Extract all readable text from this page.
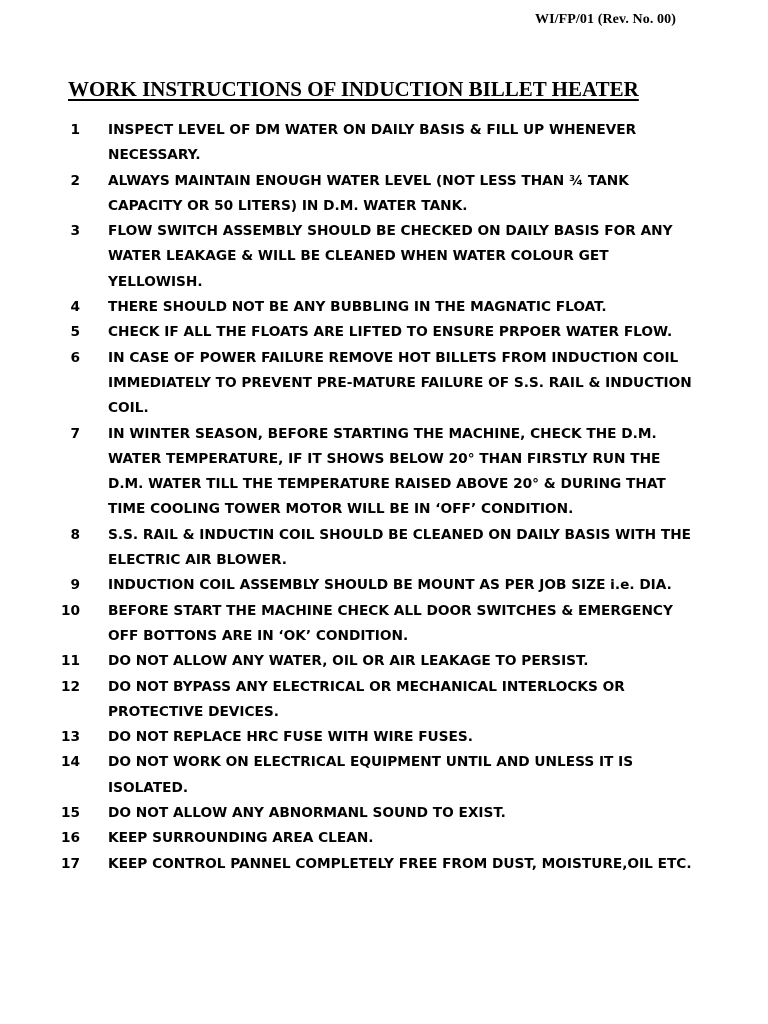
WI/FP/01 (Rev. No. 00)
WORK INSTRUCTIONS OF INDUCTION BILLET HEATER
1	INSPECT LEVEL OF DM WATER ON DAILY BASIS & FILL UP WHENEVER NECESSARY.
2	ALWAYS MAINTAIN ENOUGH WATER LEVEL (NOT LESS THAN ¾ TANK CAPACITY OR 50 LITERS) IN D.M. WATER TANK.
3	FLOW SWITCH ASSEMBLY SHOULD BE CHECKED ON DAILY BASIS FOR ANY WATER LEAKAGE & WILL BE CLEANED WHEN WATER COLOUR GET YELLOWISH.
4	THERE SHOULD NOT BE ANY BUBBLING IN THE MAGNATIC FLOAT.
5	CHECK IF ALL THE FLOATS ARE LIFTED TO ENSURE PRPOER WATER FLOW.
6	IN CASE OF POWER FAILURE REMOVE HOT BILLETS FROM INDUCTION COIL IMMEDIATELY TO PREVENT PRE-MATURE FAILURE OF S.S. RAIL & INDUCTION COIL.
7	IN WINTER SEASON, BEFORE STARTING THE MACHINE, CHECK THE D.M. WATER TEMPERATURE, IF IT SHOWS BELOW 20° THAN FIRSTLY RUN THE D.M. WATER TILL THE TEMPERATURE RAISED ABOVE 20° & DURING THAT TIME COOLING TOWER MOTOR WILL BE IN ‘OFF’ CONDITION.
8	S.S. RAIL & INDUCTIN COIL SHOULD BE CLEANED ON DAILY BASIS WITH THE ELECTRIC AIR BLOWER.
9	INDUCTION COIL ASSEMBLY SHOULD BE MOUNT AS PER JOB SIZE i.e. DIA.
10	BEFORE START THE MACHINE CHECK ALL DOOR SWITCHES & EMERGENCY OFF BOTTONS ARE IN ‘OK’ CONDITION.
11	DO NOT ALLOW ANY WATER, OIL OR AIR LEAKAGE TO PERSIST.
12	DO NOT BYPASS ANY ELECTRICAL OR MECHANICAL INTERLOCKS OR PROTECTIVE DEVICES.
13	DO NOT REPLACE HRC FUSE WITH WIRE FUSES.
14	DO NOT WORK ON ELECTRICAL EQUIPMENT UNTIL AND UNLESS IT IS ISOLATED.
15	DO NOT ALLOW ANY ABNORMANL SOUND TO EXIST.
16	KEEP SURROUNDING AREA CLEAN.
17	KEEP CONTROL PANNEL COMPLETELY FREE FROM DUST, MOISTURE,OIL ETC.
